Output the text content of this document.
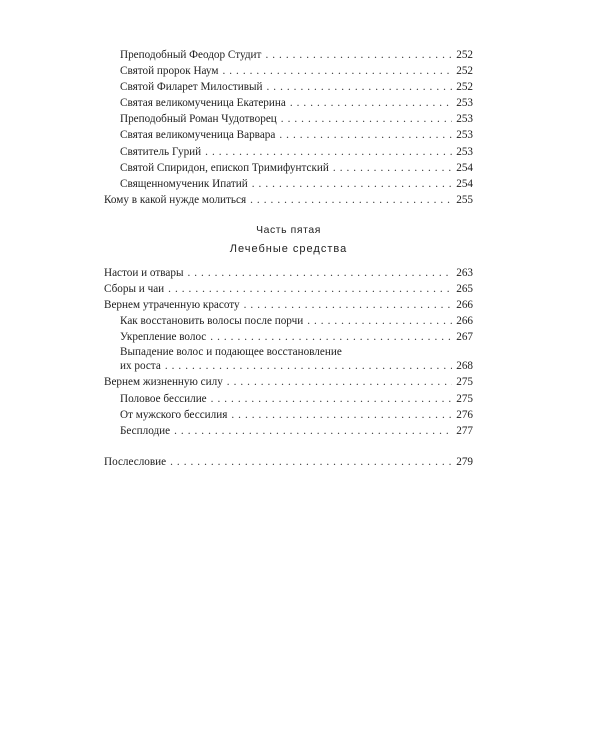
Преподобный Феодор Студит . . .	252
Святой пророк Наум . . .	252
Святой Филарет Милостивый . . .	252
Святая великомученица Екатерина . . .	253
Преподобный Роман Чудотворец . . .	253
Святая великомученица Варвара . . .	253
Святитель Гурий . . .	253
Святой Спиридон, епископ Тримифунтский . . .	254
Священномученик Ипатий . . .	254
Кому в какой нужде молиться . . .	255
Часть пятая
Лечебные средства
Настои и отвары . . .	263
Сборы и чаи . . .	265
Вернем утраченную красоту . . .	266
Как восстановить волосы после порчи . . .	266
Укрепление волос . . .	267
Выпадение волос и подающее восстановление
их роста . . .	268
Вернем жизненную силу . . .	275
Половое бессилие . . .	275
От мужского бессилия . . .	276
Бесплодие . . .	277
Послесловие . . .	279
